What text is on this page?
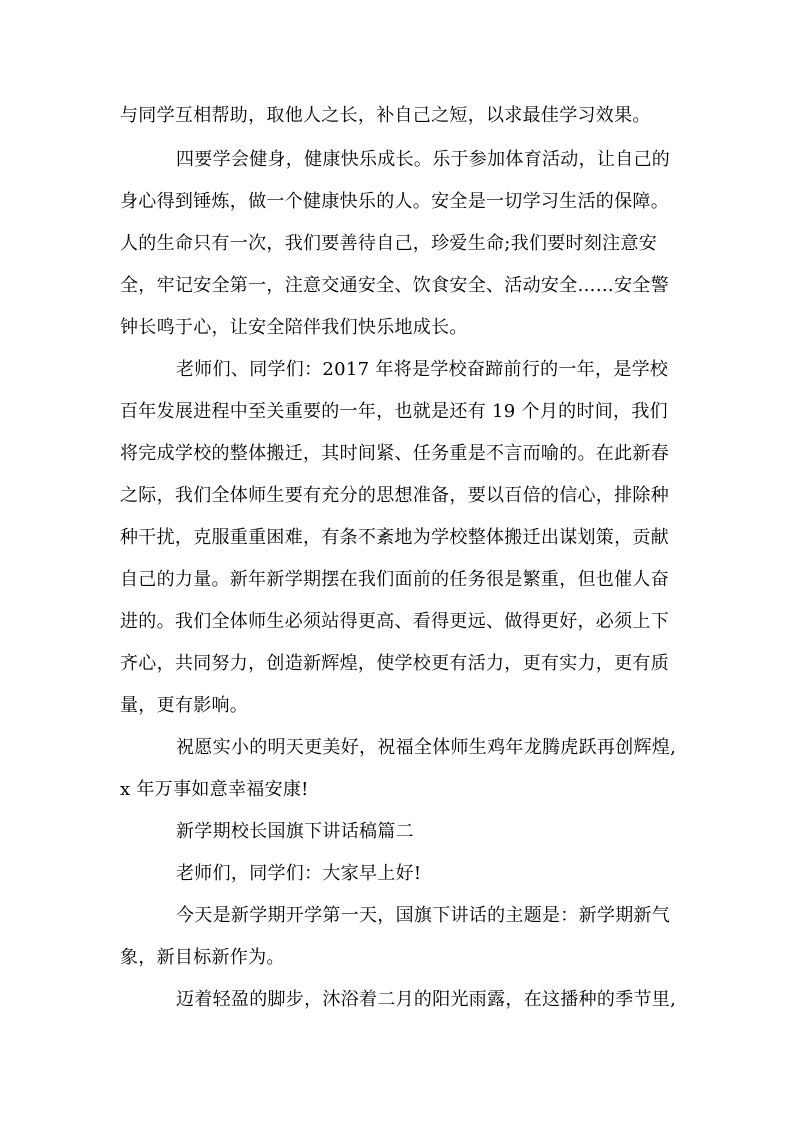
与同学互相帮助，取他人之长，补自己之短，以求最佳学习效果。
四要学会健身，健康快乐成长。乐于参加体育活动，让自己的
身心得到锤炼，做一个健康快乐的人。安全是一切学习生活的保障。
人的生命只有一次，我们要善待自己，珍爱生命;我们要时刻注意安
全，牢记安全第一，注意交通安全、饮食安全、活动安全……安全警
钟长鸣于心，让安全陪伴我们快乐地成长。
老师们、同学们：2017 年将是学校奋蹄前行的一年，是学校
百年发展进程中至关重要的一年，也就是还有 19 个月的时间，我们
将完成学校的整体搬迁，其时间紧、任务重是不言而喻的。在此新春
之际，我们全体师生要有充分的思想准备，要以百倍的信心，排除种
种干扰，克服重重困难，有条不紊地为学校整体搬迁出谋划策，贡献
自己的力量。新年新学期摆在我们面前的任务很是繁重，但也催人奋
进的。我们全体师生必须站得更高、看得更远、做得更好，必须上下
齐心，共同努力，创造新辉煌，使学校更有活力，更有实力，更有质
量，更有影响。
祝愿实小的明天更美好，祝福全体师生鸡年龙腾虎跃再创辉煌,
x 年万事如意幸福安康!
新学期校长国旗下讲话稿篇二
老师们，同学们：大家早上好!
今天是新学期开学第一天，国旗下讲话的主题是：新学期新气
象，新目标新作为。
迈着轻盈的脚步，沐浴着二月的阳光雨露，在这播种的季节里,
